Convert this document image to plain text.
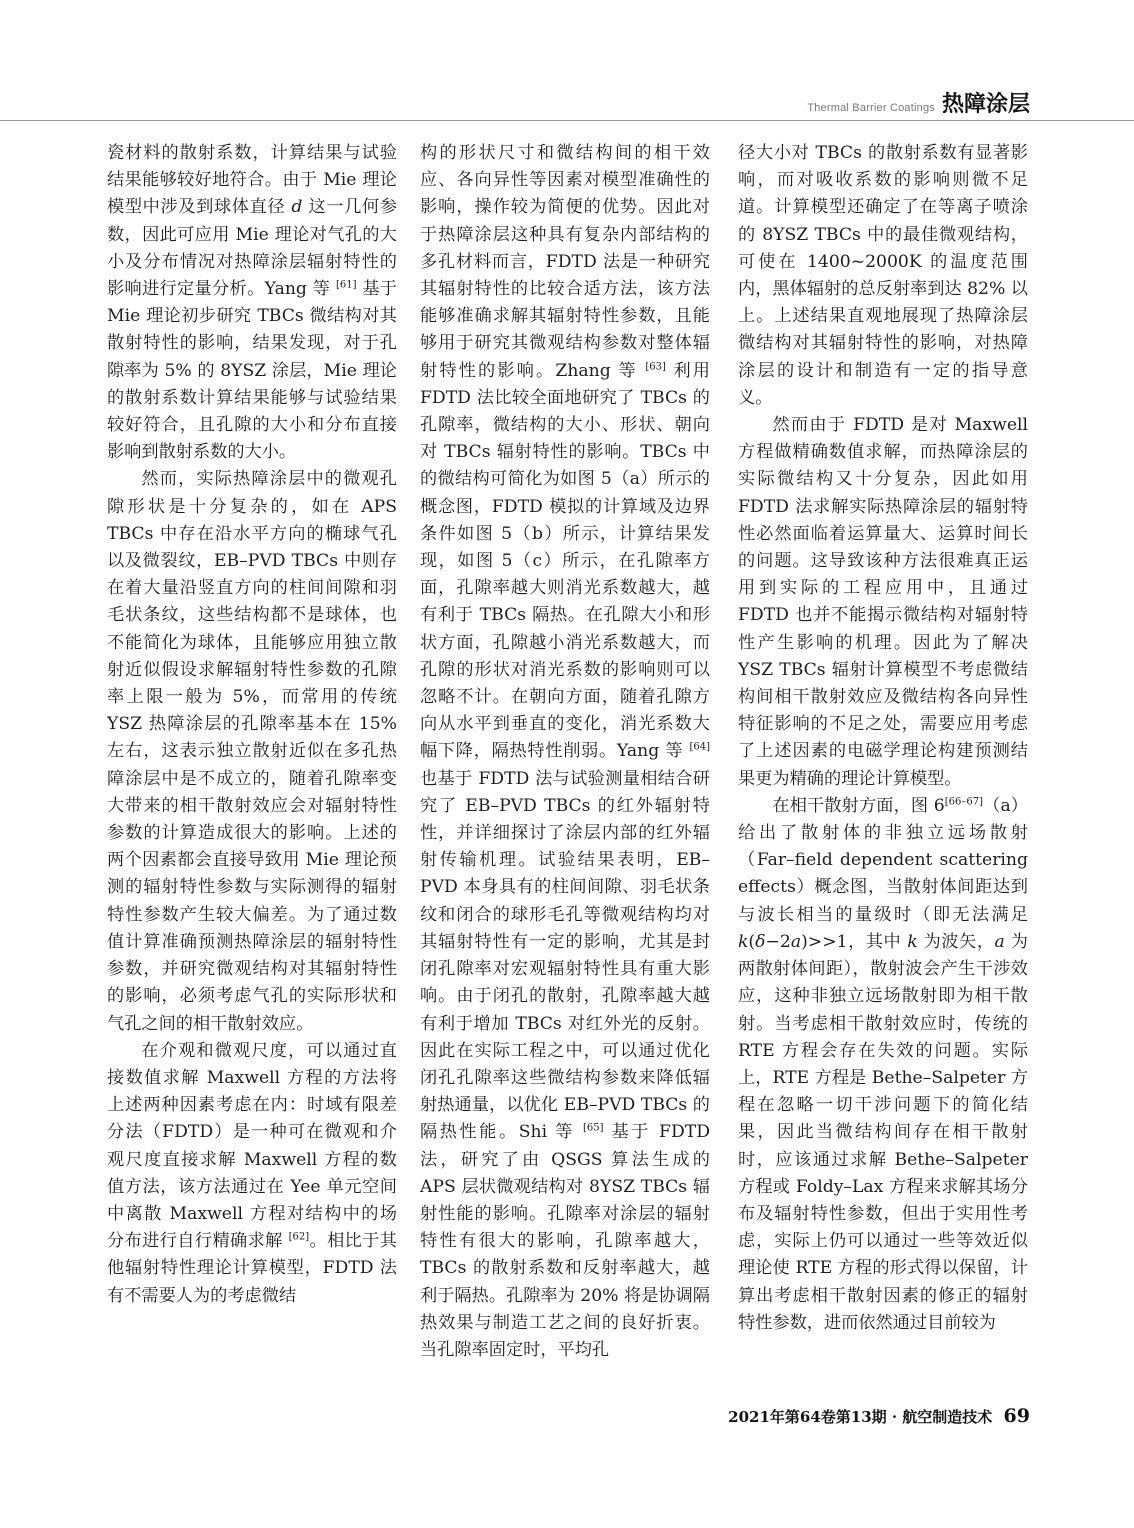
Thermal Barrier Coatings 热障涂层

瓷材料的散射系数，计算结果与试验结果能够较好地符合。由于 Mie 理论模型中涉及到球体直径 d 这一几何参数，因此可应用 Mie 理论对气孔的大小及分布情况对热障涂层辐射特性的影响进行定量分析。Yang 等 [61] 基于 Mie 理论初步研究 TBCs 微结构对其散射特性的影响，结果发现，对于孔隙率为 5% 的 8YSZ 涂层，Mie 理论的散射系数计算结果能够与试验结果较好符合，且孔隙的大小和分布直接影响到散射系数的大小。

然而，实际热障涂层中的微观孔隙形状是十分复杂的，如在 APS TBCs 中存在沿水平方向的椭球气孔以及微裂纹，EB–PVD TBCs 中则存在着大量沿竖直方向的柱间间隙和羽毛状条纹，这些结构都不是球体，也不能简化为球体，且能够应用独立散射近似假设求解辐射特性参数的孔隙率上限一般为 5%，而常用的传统 YSZ 热障涂层的孔隙率基本在 15% 左右，这表示独立散射近似在多孔热障涂层中是不成立的，随着孔隙率变大带来的相干散射效应会对辐射特性参数的计算造成很大的影响。上述的两个因素都会直接导致用 Mie 理论预测的辐射特性参数与实际测得的辐射特性参数产生较大偏差。为了通过数值计算准确预测热障涂层的辐射特性参数，并研究微观结构对其辐射特性的影响，必须考虑气孔的实际形状和气孔之间的相干散射效应。

在介观和微观尺度，可以通过直接数值求解 Maxwell 方程的方法将上述两种因素考虑在内：时域有限差分法（FDTD）是一种可在微观和介观尺度直接求解 Maxwell 方程的数值方法，该方法通过在 Yee 单元空间中离散 Maxwell 方程对结构中的场分布进行自行精确求解 [62]。相比于其他辐射特性理论计算模型，FDTD 法有不需要人为的考虑微结

构的形状尺寸和微结构间的相干效应、各向异性等因素对模型准确性的影响，操作较为简便的优势。因此对于热障涂层这种具有复杂内部结构的多孔材料而言，FDTD 法是一种研究其辐射特性的比较合适方法，该方法能够准确求解其辐射特性参数，且能够用于研究其微观结构参数对整体辐射特性的影响。Zhang 等 [63] 利用 FDTD 法比较全面地研究了 TBCs 的孔隙率，微结构的大小、形状、朝向对 TBCs 辐射特性的影响。TBCs 中的微结构可简化为如图 5（a）所示的概念图，FDTD 模拟的计算域及边界条件如图 5（b）所示，计算结果发现，如图 5（c）所示，在孔隙率方面，孔隙率越大则消光系数越大，越有利于 TBCs 隔热。在孔隙大小和形状方面，孔隙越小消光系数越大，而孔隙的形状对消光系数的影响则可以忽略不计。在朝向方面，随着孔隙方向从水平到垂直的变化，消光系数大幅下降，隔热特性削弱。Yang 等 [64] 也基于 FDTD 法与试验测量相结合研究了 EB–PVD TBCs 的红外辐射特性，并详细探讨了涂层内部的红外辐射传输机理。试验结果表明，EB–PVD 本身具有的柱间间隙、羽毛状条纹和闭合的球形毛孔等微观结构均对其辐射特性有一定的影响，尤其是封闭孔隙率对宏观辐射特性具有重大影响。由于闭孔的散射，孔隙率越大越有利于增加 TBCs 对红外光的反射。因此在实际工程之中，可以通过优化闭孔孔隙率这些微结构参数来降低辐射热通量，以优化 EB–PVD TBCs 的隔热性能。Shi 等 [65] 基于 FDTD 法，研究了由 QSGS 算法生成的 APS 层状微观结构对 8YSZ TBCs 辐射性能的影响。孔隙率对涂层的辐射特性有很大的影响，孔隙率越大，TBCs 的散射系数和反射率越大，越利于隔热。孔隙率为 20% 将是协调隔热效果与制造工艺之间的良好折衷。当孔隙率固定时，平均孔

径大小对 TBCs 的散射系数有显著影响，而对吸收系数的影响则微不足道。计算模型还确定了在等离子喷涂的 8YSZ TBCs 中的最佳微观结构，可使在 1400~2000K 的温度范围内，黑体辐射的总反射率到达 82% 以上。上述结果直观地展现了热障涂层微结构对其辐射特性的影响，对热障涂层的设计和制造有一定的指导意义。

然而由于 FDTD 是对 Maxwell 方程做精确数值求解，而热障涂层的实际微结构又十分复杂，因此如用 FDTD 法求解实际热障涂层的辐射特性必然面临着运算量大、运算时间长的问题。这导致该种方法很难真正运用到实际的工程应用中，且通过 FDTD 也并不能揭示微结构对辐射特性产生影响的机理。因此为了解决 YSZ TBCs 辐射计算模型不考虑微结构间相干散射效应及微结构各向异性特征影响的不足之处，需要应用考虑了上述因素的电磁学理论构建预测结果更为精确的理论计算模型。

在相干散射方面，图 6[66–67]（a）给出了散射体的非独立远场散射（Far–field dependent scattering effects）概念图，当散射体间距达到与波长相当的量级时（即无法满足 k(δ−2a)>>1，其中 k 为波矢，a 为两散射体间距），散射波会产生干涉效应，这种非独立远场散射即为相干散射。当考虑相干散射效应时，传统的 RTE 方程会存在失效的问题。实际上，RTE 方程是 Bethe–Salpeter 方程在忽略一切干涉问题下的简化结果，因此当微结构间存在相干散射时，应该通过求解 Bethe–Salpeter 方程或 Foldy–Lax 方程来求解其场分布及辐射特性参数，但出于实用性考虑，实际上仍可以通过一些等效近似理论使 RTE 方程的形式得以保留，计算出考虑相干散射因素的修正的辐射特性参数，进而依然通过目前较为

2021年第64卷第13期 · 航空制造技术 69
